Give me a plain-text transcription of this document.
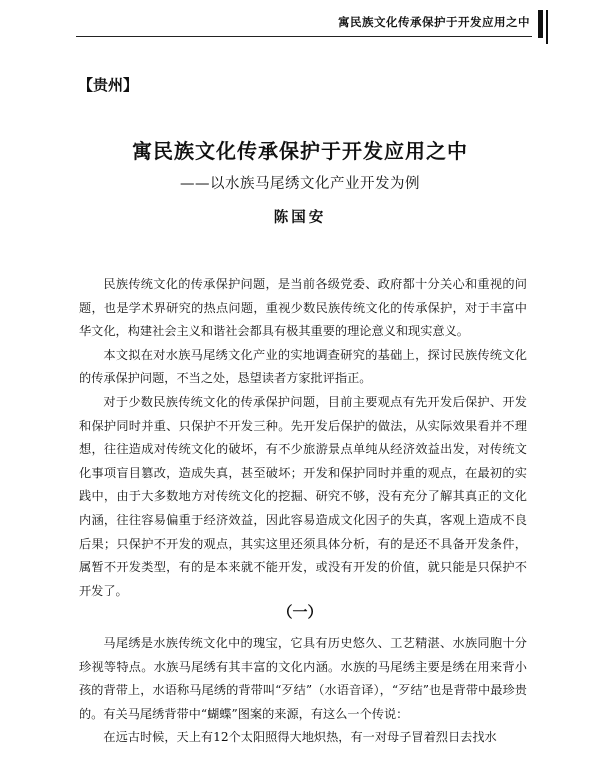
寓民族文化传承保护于开发应用之中
【贵州】
寓民族文化传承保护于开发应用之中
——以水族马尾绣文化产业开发为例
陈国安

民族传统文化的传承保护问题，是当前各级党委、政府都十分关心和重视的问题，也是学术界研究的热点问题，重视少数民族传统文化的传承保护，对于丰富中华文化，构建社会主义和谐社会都具有极其重要的理论意义和现实意义。

本文拟在对水族马尾绣文化产业的实地调查研究的基础上，探讨民族传统文化的传承保护问题，不当之处，恳望读者方家批评指正。

对于少数民族传统文化的传承保护问题，目前主要观点有先开发后保护、开发和保护同时并重、只保护不开发三种。先开发后保护的做法，从实际效果看并不理想，往往造成对传统文化的破坏，有不少旅游景点单纯从经济效益出发，对传统文化事项盲目篡改，造成失真，甚至破坏；开发和保护同时并重的观点，在最初的实践中，由于大多数地方对传统文化的挖掘、研究不够，没有充分了解其真正的文化内涵，往往容易偏重于经济效益，因此容易造成文化因子的失真，客观上造成不良后果；只保护不开发的观点，其实这里还须具体分析，有的是还不具备开发条件，属暂不开发类型，有的是本来就不能开发，或没有开发的价值，就只能是只保护不开发了。

（一）

马尾绣是水族传统文化中的瑰宝，它具有历史悠久、工艺精湛、水族同胞十分珍视等特点。水族马尾绣有其丰富的文化内涵。水族的马尾绣主要是绣在用来背小孩的背带上，水语称马尾绣的背带叫“歹结”（水语音译），“歹结”也是背带中最珍贵的。有关马尾绣背带中“蝴蝶”图案的来源，有这么一个传说：

在远古时候，天上有12个太阳照得大地炽热，有一对母子冒着烈日去找水
